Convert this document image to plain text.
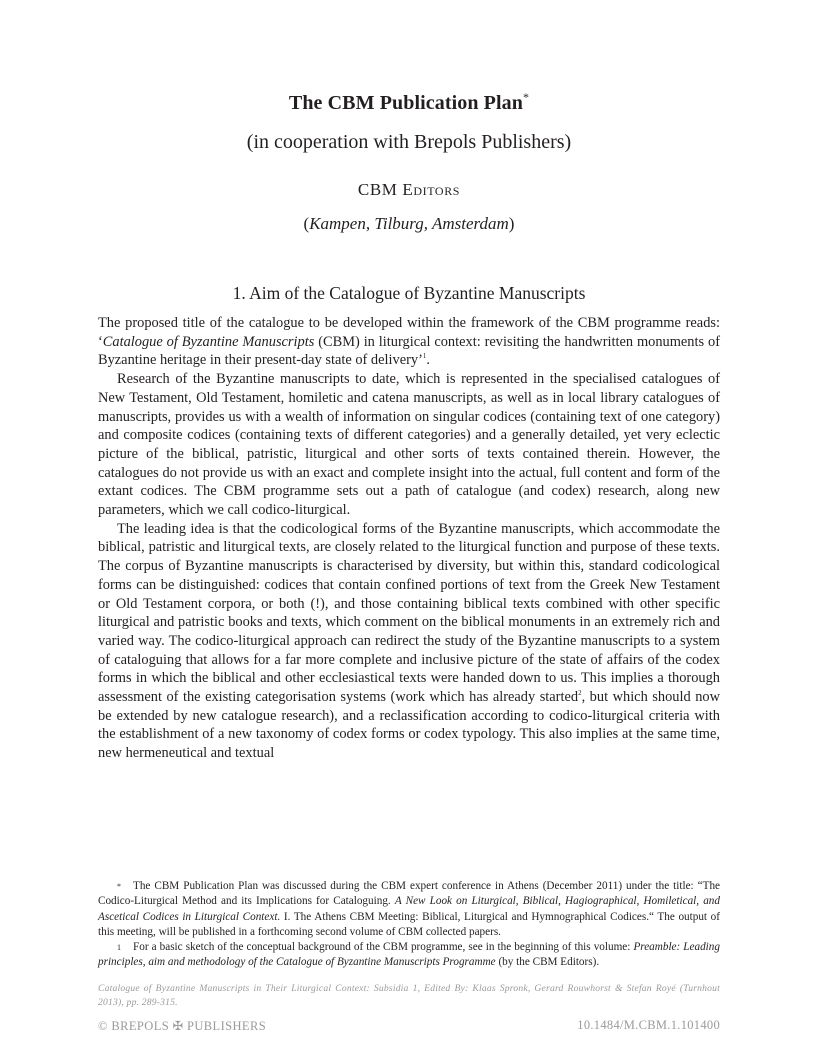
The CBM Publication Plan*
(in cooperation with Brepols Publishers)
CBM Editors
(Kampen, Tilburg, Amsterdam)
1. Aim of the Catalogue of Byzantine Manuscripts

The proposed title of the catalogue to be developed within the framework of the CBM programme reads: ‘Catalogue of Byzantine Manuscripts (CBM) in liturgical context: revisiting the handwritten monuments of Byzantine heritage in their present-day state of delivery’$^1$.

Research of the Byzantine manuscripts to date, which is represented in the specialised catalogues of New Testament, Old Testament, homiletic and catena manuscripts, as well as in local library catalogues of manuscripts, provides us with a wealth of information on singular codices (containing text of one category) and composite codices (containing texts of different categories) and a generally detailed, yet very eclectic picture of the biblical, patristic, liturgical and other sorts of texts contained therein. However, the catalogues do not provide us with an exact and complete insight into the actual, full content and form of the extant codices. The CBM programme sets out a path of catalogue (and codex) research, along new parameters, which we call codico-liturgical.

The leading idea is that the codicological forms of the Byzantine manuscripts, which accommodate the biblical, patristic and liturgical texts, are closely related to the liturgical function and purpose of these texts. The corpus of Byzantine manuscripts is characterised by diversity, but within this, standard codicological forms can be distinguished: codices that contain confined portions of text from the Greek New Testament or Old Testament corpora, or both (!), and those containing biblical texts combined with other specific liturgical and patristic books and texts, which comment on the biblical monuments in an extremely rich and varied way. The codico-liturgical approach can redirect the study of the Byzantine manuscripts to a system of cataloguing that allows for a far more complete and inclusive picture of the state of affairs of the codex forms in which the biblical and other ecclesiastical texts were handed down to us. This implies a thorough assessment of the existing categorisation systems (work which has already started$^2$, but which should now be extended by new catalogue research), and a reclassification according to codico-liturgical criteria with the establishment of a new taxonomy of codex forms or codex typology. This also implies at the same time, new hermeneutical and textual

* The CBM Publication Plan was discussed during the CBM expert conference in Athens (December 2011) under the title: “The Codico-Liturgical Method and its Implications for Cataloguing. A New Look on Liturgical, Biblical, Hagiographical, Homiletical, and Ascetical Codices in Liturgical Context. I. The Athens CBM Meeting: Biblical, Liturgical and Hymnographical Codices.“ The output of this meeting, will be published in a forthcoming second volume of CBM collected papers.

1 For a basic sketch of the conceptual background of the CBM programme, see in the beginning of this volume: Preamble: Leading principles, aim and methodology of the Catalogue of Byzantine Manuscripts Programme (by the CBM Editors).

Catalogue of Byzantine Manuscripts in Their Liturgical Context: Subsidia 1, Edited By: Klaas Spronk, Gerard Rouwhorst & Stefan Royé (Turnhout 2013), pp. 289-315.
© BREPOLS ✠ PUBLISHERS	10.1484/M.CBM.1.101400
